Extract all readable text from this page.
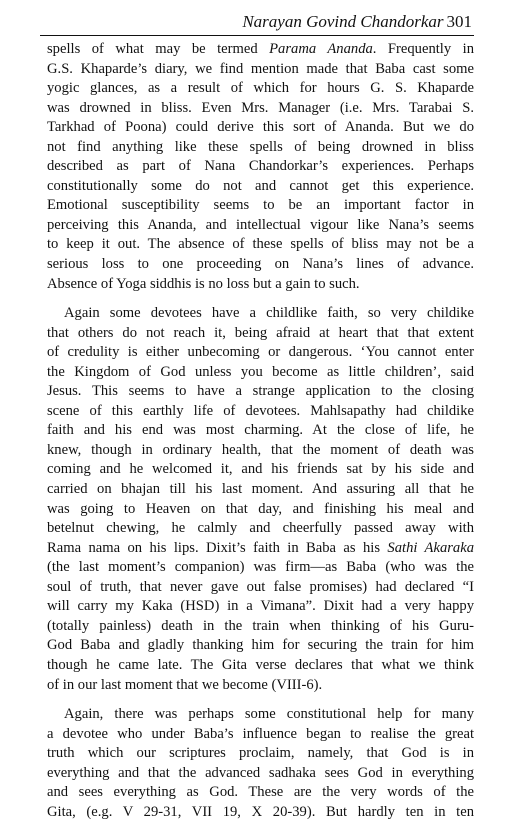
Narayan Govind Chandorkar 301

spells of what may be termed Parama Ananda. Frequently in
G.S. Khaparde’s diary, we find mention made that Baba cast some
yogic glances, as a result of which for hours G. S. Khaparde
was drowned in bliss. Even Mrs. Manager (i.e. Mrs. Tarabai S.
Tarkhad of Poona) could derive this sort of Ananda. But we do
not find anything like these spells of being drowned in bliss
described as part of Nana Chandorkar’s experiences. Perhaps
constitutionally some do not and cannot get this experience.
Emotional susceptibility seems to be an important factor in
perceiving this Ananda, and intellectual vigour like Nana’s seems
to keep it out. The absence of these spells of bliss may not be a
serious loss to one proceeding on Nana’s lines of advance.
Absence of Yoga siddhis is no loss but a gain to such.

Again some devotees have a childlike faith, so very childike
that others do not reach it, being afraid at heart that that extent
of credulity is either unbecoming or dangerous. ‘You cannot enter
the Kingdom of God unless you become as little children’, said
Jesus. This seems to have a strange application to the closing
scene of this earthly life of devotees. Mahlsapathy had childike
faith and his end was most charming. At the close of life, he
knew, though in ordinary health, that the moment of death was
coming and he welcomed it, and his friends sat by his side and
carried on bhajan till his last moment. And assuring all that he
was going to Heaven on that day, and finishing his meal and
betelnut chewing, he calmly and cheerfully passed away with
Rama nama on his lips. Dixit’s faith in Baba as his Sathi Akaraka
(the last moment’s companion) was firm—as Baba (who was the
soul of truth, that never gave out false promises) had declared “I
will carry my Kaka (HSD) in a Vimana”. Dixit had a very happy
(totally painless) death in the train when thinking of his Guru-
God Baba and gladly thanking him for securing the train for him
though he came late. The Gita verse declares that what we think
of in our last moment that we become (VIII-6).

Again, there was perhaps some constitutional help for many
a devotee who under Baba’s influence began to realise the great
truth which our scriptures proclaim, namely, that God is in
everything and that the advanced sadhaka sees God in everything
and sees everything as God. These are the very words of the
Gita, (e.g. V 29-31, VII 19, X 20-39). But hardly ten in ten
